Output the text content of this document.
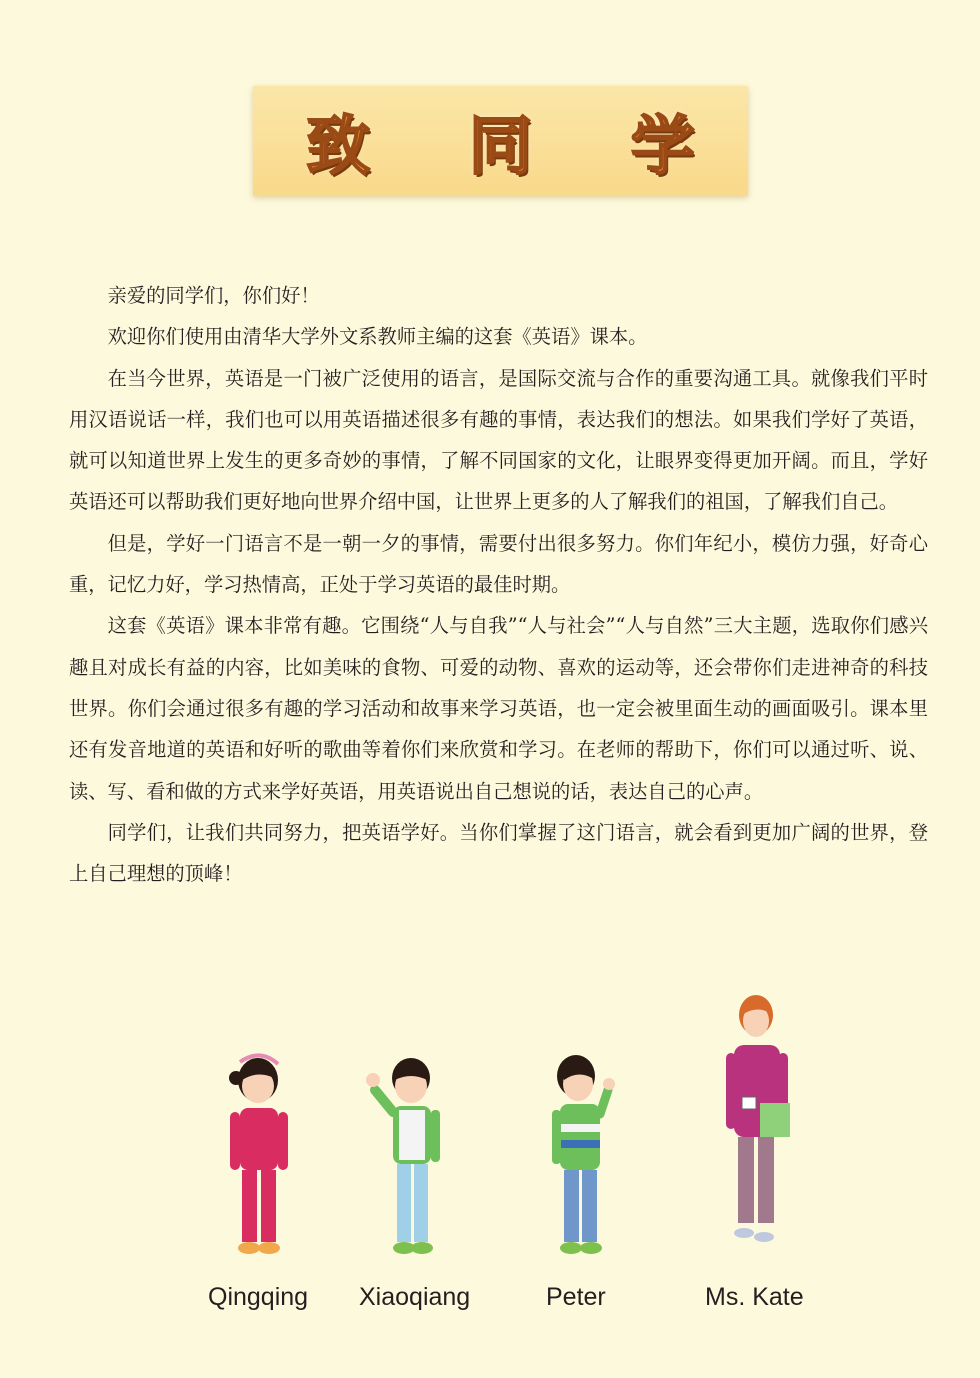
致 同 学

亲爱的同学们，你们好！

欢迎你们使用由清华大学外文系教师主编的这套《英语》课本。

在当今世界，英语是一门被广泛使用的语言，是国际交流与合作的重要沟通工具。就像我们平时用汉语说话一样，我们也可以用英语描述很多有趣的事情，表达我们的想法。如果我们学好了英语，就可以知道世界上发生的更多奇妙的事情，了解不同国家的文化，让眼界变得更加开阔。而且，学好英语还可以帮助我们更好地向世界介绍中国，让世界上更多的人了解我们的祖国，了解我们自己。

但是，学好一门语言不是一朝一夕的事情，需要付出很多努力。你们年纪小，模仿力强，好奇心重，记忆力好，学习热情高，正处于学习英语的最佳时期。

这套《英语》课本非常有趣。它围绕“人与自我”“人与社会”“人与自然”三大主题，选取你们感兴趣且对成长有益的内容，比如美味的食物、可爱的动物、喜欢的运动等，还会带你们走进神奇的科技世界。你们会通过很多有趣的学习活动和故事来学习英语，也一定会被里面生动的画面吸引。课本里还有发音地道的英语和好听的歌曲等着你们来欣赏和学习。在老师的帮助下，你们可以通过听、说、读、写、看和做的方式来学好英语，用英语说出自己想说的话，表达自己的心声。

同学们，让我们共同努力，把英语学好。当你们掌握了这门语言，就会看到更加广阔的世界，登上自己理想的顶峰！

Qingqing Xiaoqiang	Peter	Ms. Kate
